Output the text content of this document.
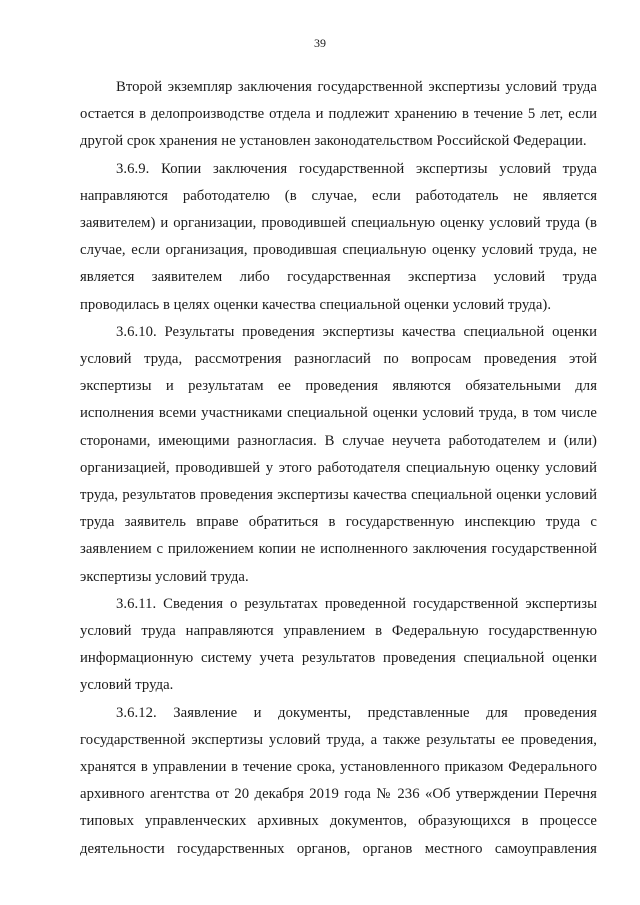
39

Второй экземпляр заключения государственной экспертизы условий труда остается в делопроизводстве отдела и подлежит хранению в течение 5 лет, если другой срок хранения не установлен законодательством Российской Федерации.

3.6.9. Копии заключения государственной экспертизы условий труда направляются работодателю (в случае, если работодатель не является заявителем) и организации, проводившей специальную оценку условий труда (в случае, если организация, проводившая специальную оценку условий труда, не является заявителем либо государственная экспертиза условий труда проводилась в целях оценки качества специальной оценки условий труда).

3.6.10. Результаты проведения экспертизы качества специальной оценки условий труда, рассмотрения разногласий по вопросам проведения этой экспертизы и результатам ее проведения являются обязательными для исполнения всеми участниками специальной оценки условий труда, в том числе сторонами, имеющими разногласия. В случае неучета работодателем и (или) организацией, проводившей у этого работодателя специальную оценку условий труда, результатов проведения экспертизы качества специальной оценки условий труда заявитель вправе обратиться в государственную инспекцию труда с заявлением с приложением копии не исполненного заключения государственной экспертизы условий труда.

3.6.11. Сведения о результатах проведенной государственной экспертизы условий труда направляются управлением в Федеральную государственную информационную систему учета результатов проведения специальной оценки условий труда.

3.6.12. Заявление и документы, представленные для проведения государственной экспертизы условий труда, а также результаты ее проведения, хранятся в управлении в течение срока, установленного приказом Федерального архивного агентства от 20 декабря 2019 года № 236 «Об утверждении Перечня типовых управленческих архивных документов, образующихся в процессе деятельности государственных органов, органов местного самоуправления
